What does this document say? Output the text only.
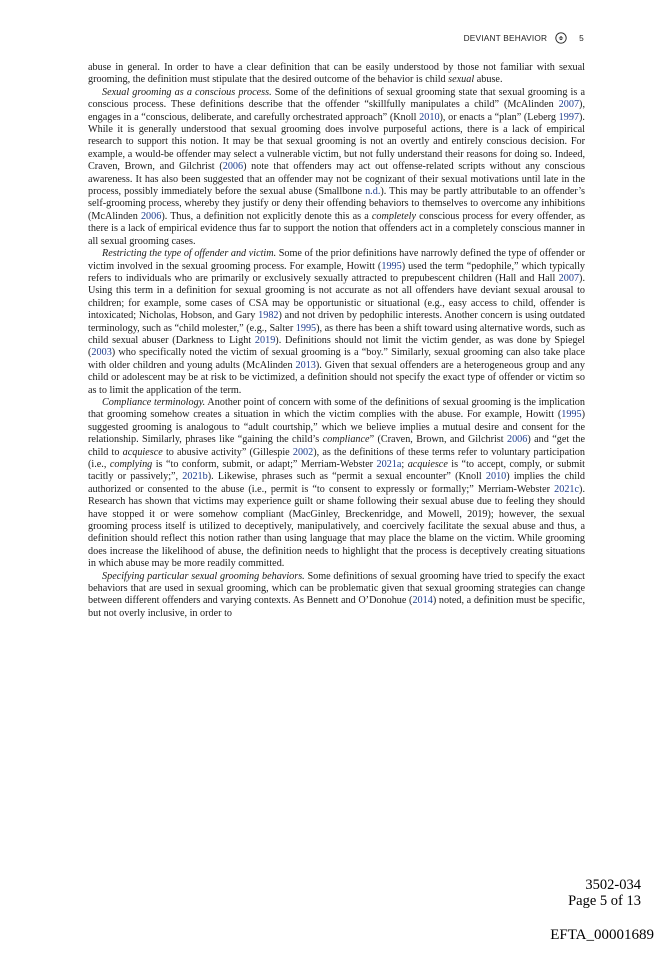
DEVIANT BEHAVIOR	5

abuse in general. In order to have a clear definition that can be easily understood by those not familiar with sexual grooming, the definition must stipulate that the desired outcome of the behavior is child sexual abuse.

Sexual grooming as a conscious process. Some of the definitions of sexual grooming state that sexual grooming is a conscious process. These definitions describe that the offender “skillfully manipulates a child” (McAlinden 2007), engages in a “conscious, deliberate, and carefully orchestrated approach” (Knoll 2010), or enacts a “plan” (Leberg 1997). While it is generally understood that sexual grooming does involve purposeful actions, there is a lack of empirical research to support this notion. It may be that sexual grooming is not an overtly and entirely conscious decision. For example, a would-be offender may select a vulnerable victim, but not fully understand their reasons for doing so. Indeed, Craven, Brown, and Gilchrist (2006) note that offenders may act out offense-related scripts without any conscious awareness. It has also been suggested that an offender may not be cognizant of their sexual motivations until late in the process, possibly immediately before the sexual abuse (Smallbone n.d.). This may be partly attributable to an offender’s self-grooming process, whereby they justify or deny their offending behaviors to themselves to overcome any inhibitions (McAlinden 2006). Thus, a definition not explicitly denote this as a completely conscious process for every offender, as there is a lack of empirical evidence thus far to support the notion that offenders act in a completely conscious manner in all sexual grooming cases.

Restricting the type of offender and victim. Some of the prior definitions have narrowly defined the type of offender or victim involved in the sexual grooming process. For example, Howitt (1995) used the term “pedophile,” which typically refers to individuals who are primarily or exclusively sexually attracted to prepubescent children (Hall and Hall 2007). Using this term in a definition for sexual grooming is not accurate as not all offenders have deviant sexual arousal to children; for example, some cases of CSA may be opportunistic or situational (e.g., easy access to child, offender is intoxicated; Nicholas, Hobson, and Gary 1982) and not driven by pedophilic interests. Another concern is using outdated terminology, such as “child molester,” (e.g., Salter 1995), as there has been a shift toward using alternative words, such as child sexual abuser (Darkness to Light 2019). Definitions should not limit the victim gender, as was done by Spiegel (2003) who specifically noted the victim of sexual grooming is a “boy.” Similarly, sexual grooming can also take place with older children and young adults (McAlinden 2013). Given that sexual offenders are a heterogeneous group and any child or adolescent may be at risk to be victimized, a definition should not specify the exact type of offender or victim so as to limit the application of the term.

Compliance terminology. Another point of concern with some of the definitions of sexual grooming is the implication that grooming somehow creates a situation in which the victim complies with the abuse. For example, Howitt (1995) suggested grooming is analogous to “adult courtship,” which we believe implies a mutual desire and consent for the relationship. Similarly, phrases like “gaining the child’s compliance” (Craven, Brown, and Gilchrist 2006) and “get the child to acquiesce to abusive activity” (Gillespie 2002), as the definitions of these terms refer to voluntary participation (i.e., complying is “to conform, submit, or adapt;” Merriam-Webster 2021a; acquiesce is “to accept, comply, or submit tacitly or passively;”, 2021b). Likewise, phrases such as “permit a sexual encounter” (Knoll 2010) implies the child authorized or consented to the abuse (i.e., permit is “to consent to expressly or formally;” Merriam-Webster 2021c). Research has shown that victims may experience guilt or shame following their sexual abuse due to feeling they should have stopped it or were somehow compliant (MacGinley, Breckenridge, and Mowell, 2019); however, the sexual grooming process itself is utilized to deceptively, manipulatively, and coercively facilitate the sexual abuse and thus, a definition should reflect this notion rather than using language that may place the blame on the victim. While grooming does increase the likelihood of abuse, the definition needs to highlight that the process is deceptively creating situations in which abuse may be more readily committed.

Specifying particular sexual grooming behaviors. Some definitions of sexual grooming have tried to specify the exact behaviors that are used in sexual grooming, which can be problematic given that sexual grooming strategies can change between different offenders and varying contexts. As Bennett and O’Donohue (2014) noted, a definition must be specific, but not overly inclusive, in order to

3502-034
Page 5 of 13
EFTA_00001689
